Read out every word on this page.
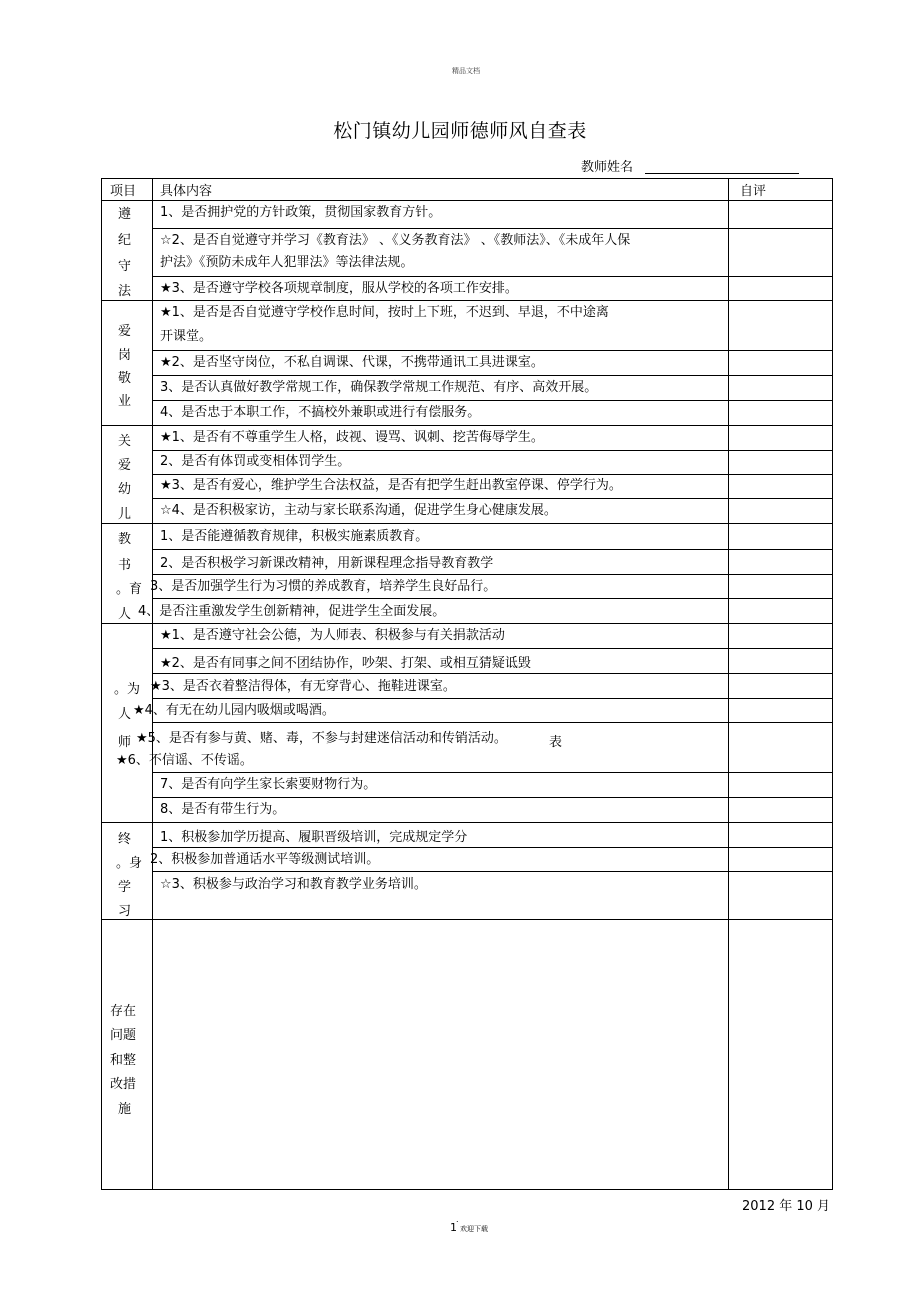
精品文档
松门镇幼儿园师德师风自查表
教师姓名
项目 具体内容	自评
遵
纪
守
法
1、是否拥护党的方针政策，贯彻国家教育方针。
☆2、是否自觉遵守并学习《教育法》 、《义务教育法》 、《教师法》、《未成年人保
护法》《预防未成年人犯罪法》等法律法规。
★3、是否遵守学校各项规章制度，服从学校的各项工作安排。
爱
岗
敬
业
★1、是否是否自觉遵守学校作息时间，按时上下班，不迟到、早退，不中途离
开课堂。
★2、是否坚守岗位，不私自调课、代课，不携带通讯工具进课室。
3、是否认真做好教学常规工作，确保教学常规工作规范、有序、高效开展。
4、是否忠于本职工作，不搞校外兼职或进行有偿服务。
关
爱
幼
儿
★1、是否有不尊重学生人格，歧视、谩骂、讽刺、挖苦侮辱学生。
2、是否有体罚或变相体罚学生。
★3、是否有爱心，维护学生合法权益，是否有把学生赶出教室停课、停学行为。
☆4、是否积极家访，主动与家长联系沟通，促进学生身心健康发展。
教
书
。育
人
1、是否能遵循教育规律，积极实施素质教育。
2、是否积极学习新课改精神，用新课程理念指导教育教学
3、是否加强学生行为习惯的养成教育，培养学生良好品行。
4、是否注重激发学生创新精神，促进学生全面发展。
。为
人
师	表
★1、是否遵守社会公德，为人师表、积极参与有关捐款活动
★2、是否有同事之间不团结协作，吵架、打架、或相互猜疑诋毁
★3、是否衣着整洁得体，有无穿背心、拖鞋进课室。
★4、有无在幼儿园内吸烟或喝酒。
★5、是否有参与黄、赌、毒，不参与封建迷信活动和传销活动。
★6、不信谣、不传谣。
7、是否有向学生家长索要财物行为。
8、是否有带生行为。
终
。身
学
习
1、积极参加学历提高、履职晋级培训，完成规定学分
2、积极参加普通话水平等级测试培训。
☆3、积极参与政治学习和教育教学业务培训。
存在
问题
和整
改措
施
2012 年 10 月
.
1 欢迎下载
